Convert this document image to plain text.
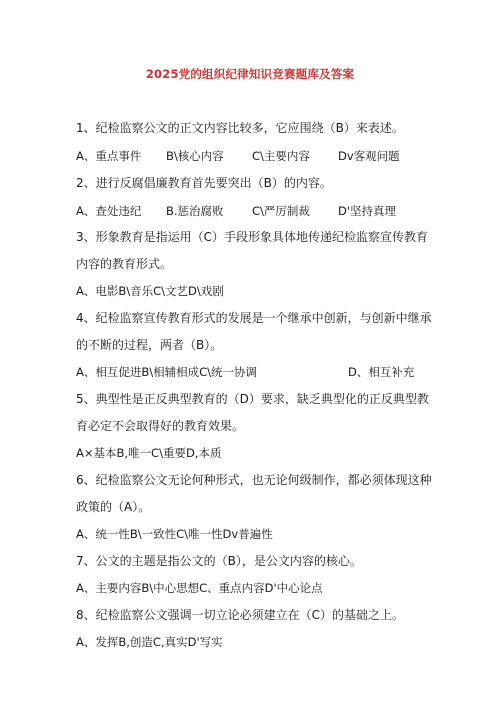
2025党的组织纪律知识竞赛题库及答案
1、纪检监察公文的正文内容比较多，它应围绕（B）来表述。
A、重点事件 B\核心内容 C\主要内容 Dv客观问题
2、进行反腐倡廉教育首先要突出（B）的内容。
A、查处违纪 B.惩治腐败 C\严厉制裁 D'坚持真理
3、形象教育是指运用（C）手段形象具体地传递纪检监察宣传教育
内容的教育形式。
A、电影B\音乐C\文艺D\戏剧
4、纪检监察宣传教育形式的发展是一个继承中创新，与创新中继承
的不断的过程，两者（B）。
A、相互促进B\相辅相成C\统一协调	D、相互补充
5、典型性是正反典型教育的（D）要求，缺乏典型化的正反典型教
育必定不会取得好的教育效果。
A×基本B,唯一C\重要D,本质
6、纪检监察公文无论何种形式，也无论何级制作，都必须体现这种
政策的（A）。
A、统一性B\一致性C\唯一性Dv普遍性
7、公文的主题是指公文的（B），是公文内容的核心。
A、主要内容B\中心思想C、重点内容D'中心论点
8、纪检监察公文强调一切立论必须建立在（C）的基础之上。
A、发挥B,创造C,真实D'写实
